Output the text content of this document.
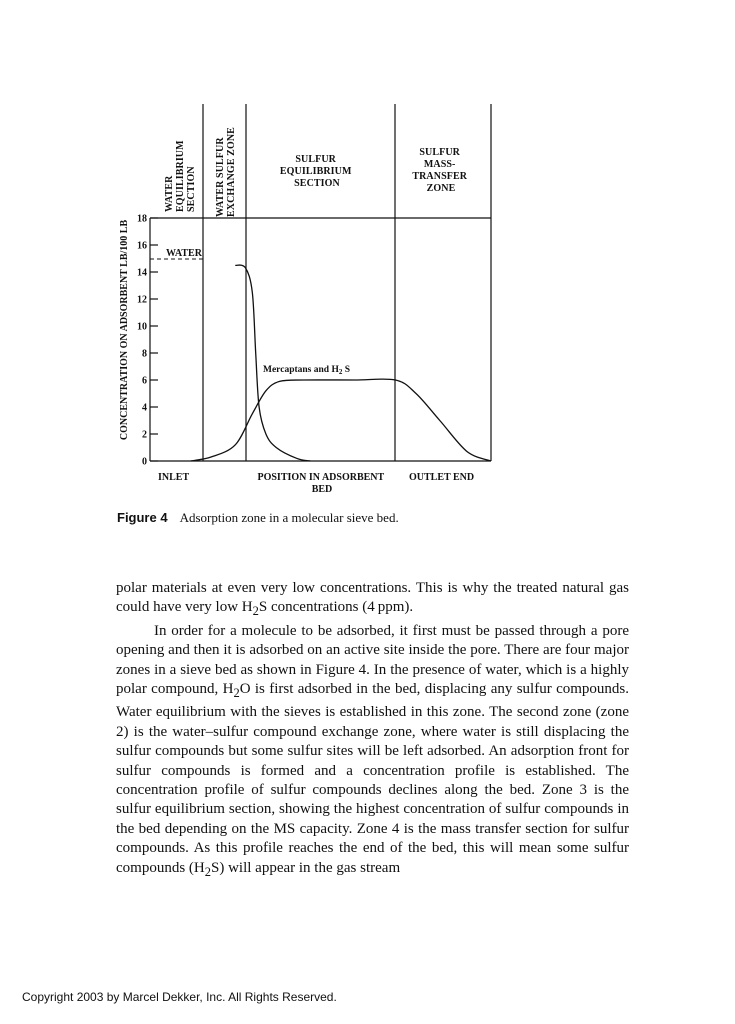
WATER EQUILIBRIUM SECTION WATER SULFUR EXCHANGE ZONE	SULFUR EQUILIBRIUM SECTION
SULFUR MASS- TRANSFER ZONE
CONCENTRATION ON ADSORBENT LB/100 LB
0
2
4
6
8
10
12
14
16
18
WATER
Mercaptans and $H_2$ S
INLET	POSITION IN ADSORBENT BED
OUTLET END
Figure 4 Adsorption zone in a molecular sieve bed.

polar materials at even very low concentrations. This is why the treated natural gas could have very low $H_2S$ concentrations (4 ppm).

In order for a molecule to be adsorbed, it first must be passed through a pore opening and then it is adsorbed on an active site inside the pore. There are four major zones in a sieve bed as shown in Figure 4. In the presence of water, which is a highly polar compound, $H_2O$ is first adsorbed in the bed, displacing any sulfur compounds. Water equilibrium with the sieves is established in this zone. The second zone (zone 2) is the water–sulfur compound exchange zone, where water is still displacing the sulfur compounds but some sulfur sites will be left adsorbed. An adsorption front for sulfur compounds is formed and a concentration profile is established. The concentration profile of sulfur compounds declines along the bed. Zone 3 is the sulfur equilibrium section, showing the highest concentration of sulfur compounds in the bed depending on the MS capacity. Zone 4 is the mass transfer section for sulfur compounds. As this profile reaches the end of the bed, this will mean some sulfur compounds $(H_2S)$ will appear in the gas stream

Copyright 2003 by Marcel Dekker, Inc. All Rights Reserved.
